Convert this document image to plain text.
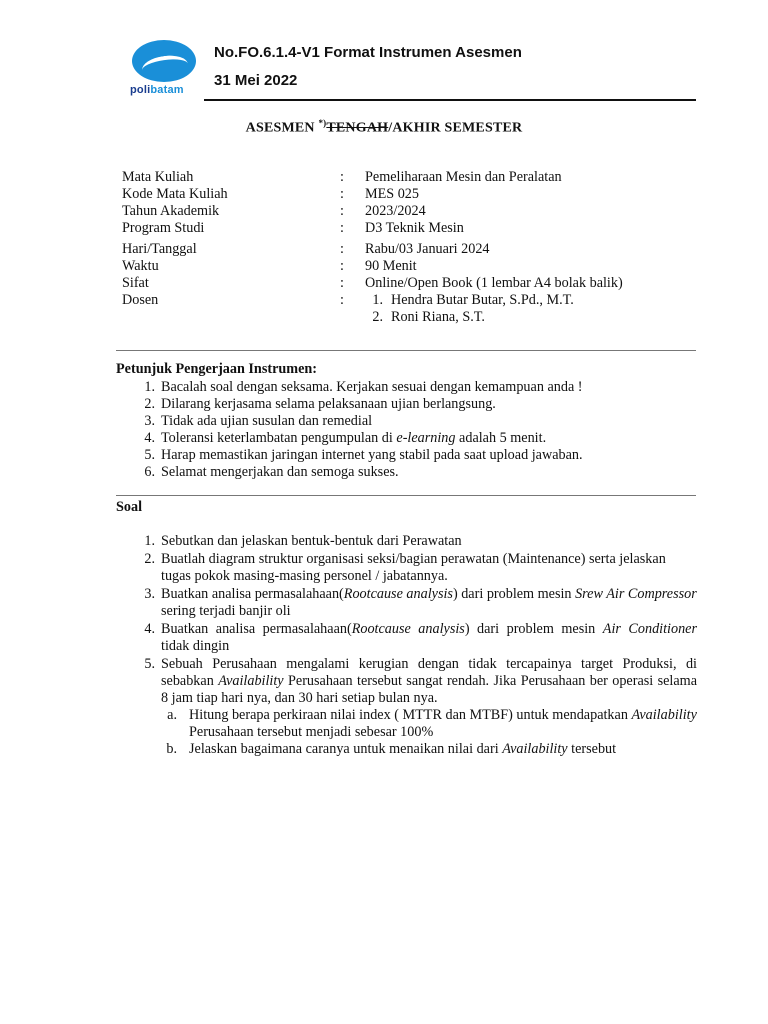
polibatam
No.FO.6.1.4-V1 Format Instrumen Asesmen
31 Mei 2022
ASESMEN *)TENGAH/AKHIR SEMESTER
Mata Kuliah	: Pemeliharaan Mesin dan Peralatan
Kode Mata Kuliah	: MES 025
Tahun Akademik	: 2023/2024
Program Studi	: D3 Teknik Mesin
Hari/Tanggal	: Rabu/03 Januari 2024
Waktu	: 90 Menit
Sifat	: Online/Open Book (1 lembar A4 bolak balik)
Dosen	:	1. Hendra Butar Butar, S.Pd., M.T.
2. Roni Riana, S.T.
Petunjuk Pengerjaan Instrumen:
1. Bacalah soal dengan seksama. Kerjakan sesuai dengan kemampuan anda !
2. Dilarang kerjasama selama pelaksanaan ujian berlangsung.
3. Tidak ada ujian susulan dan remedial
4. Toleransi keterlambatan pengumpulan di e-learning adalah 5 menit.
5. Harap memastikan jaringan internet yang stabil pada saat upload jawaban.
6. Selamat mengerjakan dan semoga sukses.
Soal
1. Sebutkan dan jelaskan bentuk-bentuk dari Perawatan
2. Buatlah diagram struktur organisasi seksi/bagian perawatan (Maintenance) serta jelaskan tugas pokok masing-masing personel / jabatannya.
3. Buatkan analisa permasalahaan(Rootcause analysis) dari problem mesin Srew Air Compressor sering terjadi banjir oli
4. Buatkan analisa permasalahaan(Rootcause analysis) dari problem mesin Air Conditioner tidak dingin
5. Sebuah Perusahaan mengalami kerugian dengan tidak tercapainya target Produksi, di sebabkan Availability Perusahaan tersebut sangat rendah. Jika Perusahaan ber operasi selama 8 jam tiap hari nya, dan 30 hari setiap bulan nya.
a. Hitung berapa perkiraan nilai index ( MTTR dan MTBF) untuk mendapatkan Availability Perusahaan tersebut menjadi sebesar 100%
b. Jelaskan bagaimana caranya untuk menaikan nilai dari Availability tersebut
